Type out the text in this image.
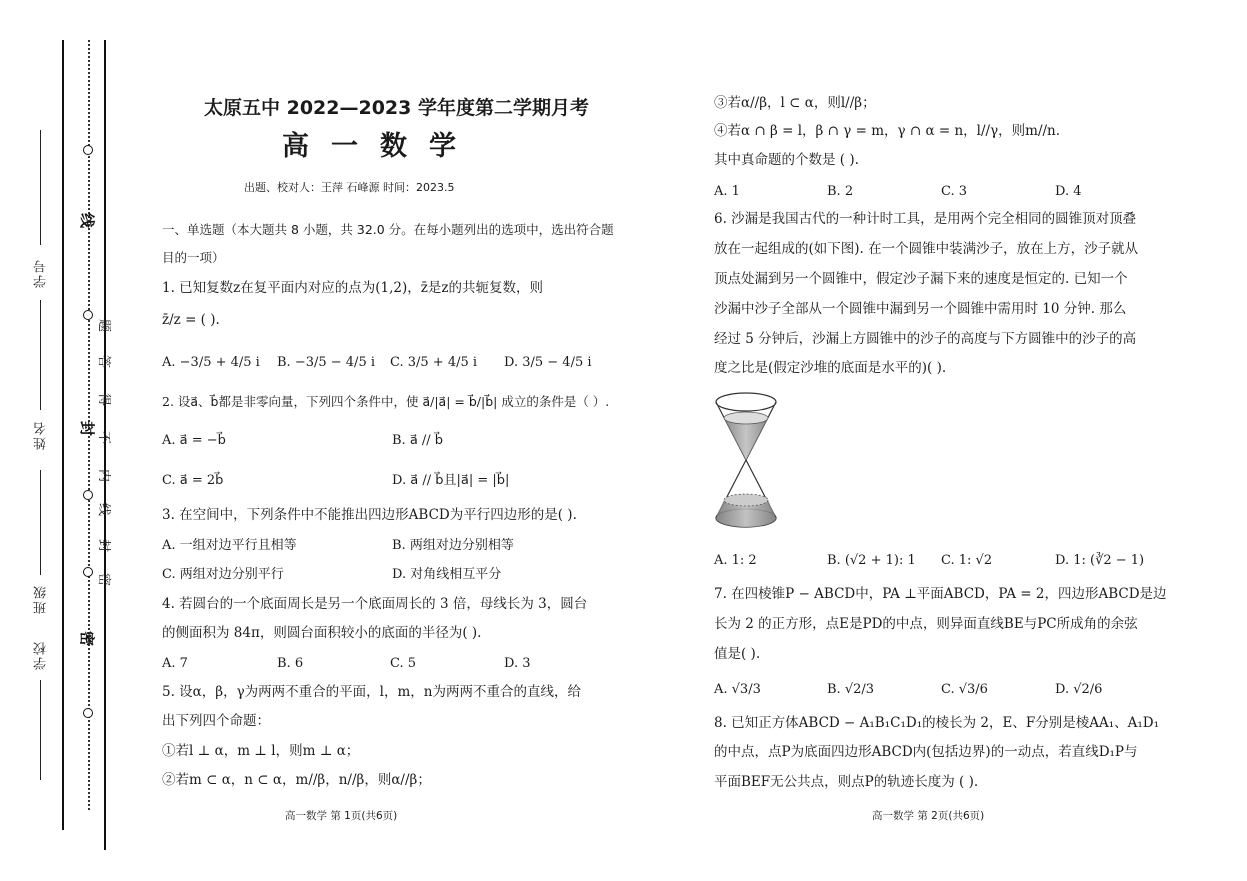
线
封
密
题
答
得
不
内
线
封
密
学号
姓名
班级
学校
太原五中 2022—2023 学年度第二学期月考
高一数学
出题、校对人：王萍 石峰源 时间：2023.5
一、单选题（本大题共 8 小题，共 32.0 分。在每小题列出的选项中，选出符合题
目的一项）
1. 已知复数z在复平面内对应的点为(1,2)，z̄是z的共轭复数，则
z̄/z = ( ).
A. −3/5 + 4/5 i B. −3/5 − 4/5 i C. 3/5 + 4/5 i D. 3/5 − 4/5 i
2. 设a⃗、b⃗都是非零向量，下列四个条件中，使 a⃗/|a⃗| = b⃗/|b⃗| 成立的条件是（ ）.
A. a⃗ = −b⃗	B. a⃗ // b⃗
C. a⃗ = 2b⃗	D. a⃗ // b⃗且|a⃗| = |b⃗|
3. 在空间中，下列条件中不能推出四边形ABCD为平行四边形的是( ).
A. 一组对边平行且相等	B. 两组对边分别相等
C. 两组对边分别平行	D. 对角线相互平分
4. 若圆台的一个底面周长是另一个底面周长的 3 倍，母线长为 3，圆台
的侧面积为 84π，则圆台面积较小的底面的半径为( ).
A. 7	B. 6	C. 5	D. 3
5. 设α，β，γ为两两不重合的平面，l，m，n为两两不重合的直线，给
出下列四个命题：
①若l ⊥ α，m ⊥ l，则m ⊥ α；
②若m ⊂ α，n ⊂ α，m//β，n//β，则α//β；
高一数学 第 1页(共6页)
③若α//β，l ⊂ α，则l//β；
④若α ∩ β = l，β ∩ γ = m，γ ∩ α = n，l//γ，则m//n.
其中真命题的个数是 ( ).
A. 1	B. 2	C. 3	D. 4
6. 沙漏是我国古代的一种计时工具，是用两个完全相同的圆锥顶对顶叠
放在一起组成的(如下图). 在一个圆锥中装满沙子，放在上方，沙子就从
顶点处漏到另一个圆锥中，假定沙子漏下来的速度是恒定的. 已知一个
沙漏中沙子全部从一个圆锥中漏到另一个圆锥中需用时 10 分钟. 那么
经过 5 分钟后，沙漏上方圆锥中的沙子的高度与下方圆锥中的沙子的高
度之比是(假定沙堆的底面是水平的)( ).
A. 1: 2	B. (√2 + 1): 1 C. 1: √2	D. 1: (∛2 − 1)
7. 在四棱锥P − ABCD中，PA ⊥平面ABCD，PA = 2，四边形ABCD是边
长为 2 的正方形，点E是PD的中点，则异面直线BE与PC所成角的余弦
值是( ).
A. √3/3	B. √2/3	C. √3/6	D. √2/6
8. 已知正方体ABCD − A₁B₁C₁D₁的棱长为 2，E、F分别是棱AA₁、A₁D₁
的中点，点P为底面四边形ABCD内(包括边界)的一动点，若直线D₁P与
平面BEF无公共点，则点P的轨迹长度为 ( ).
高一数学 第 2页(共6页)
